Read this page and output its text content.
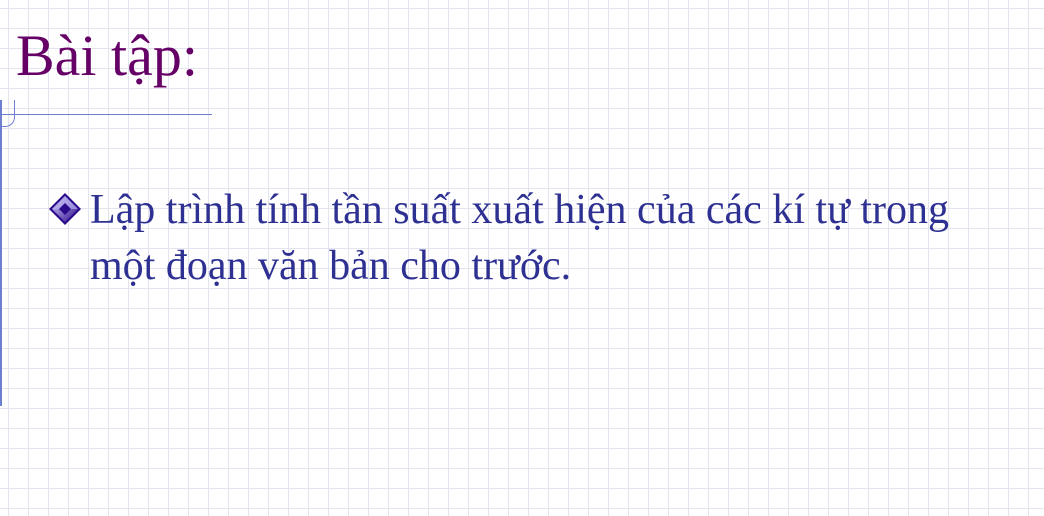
Bài tập:
Lập trình tính tần suất xuất hiện của các kí tự trong một đoạn văn bản cho trước.
